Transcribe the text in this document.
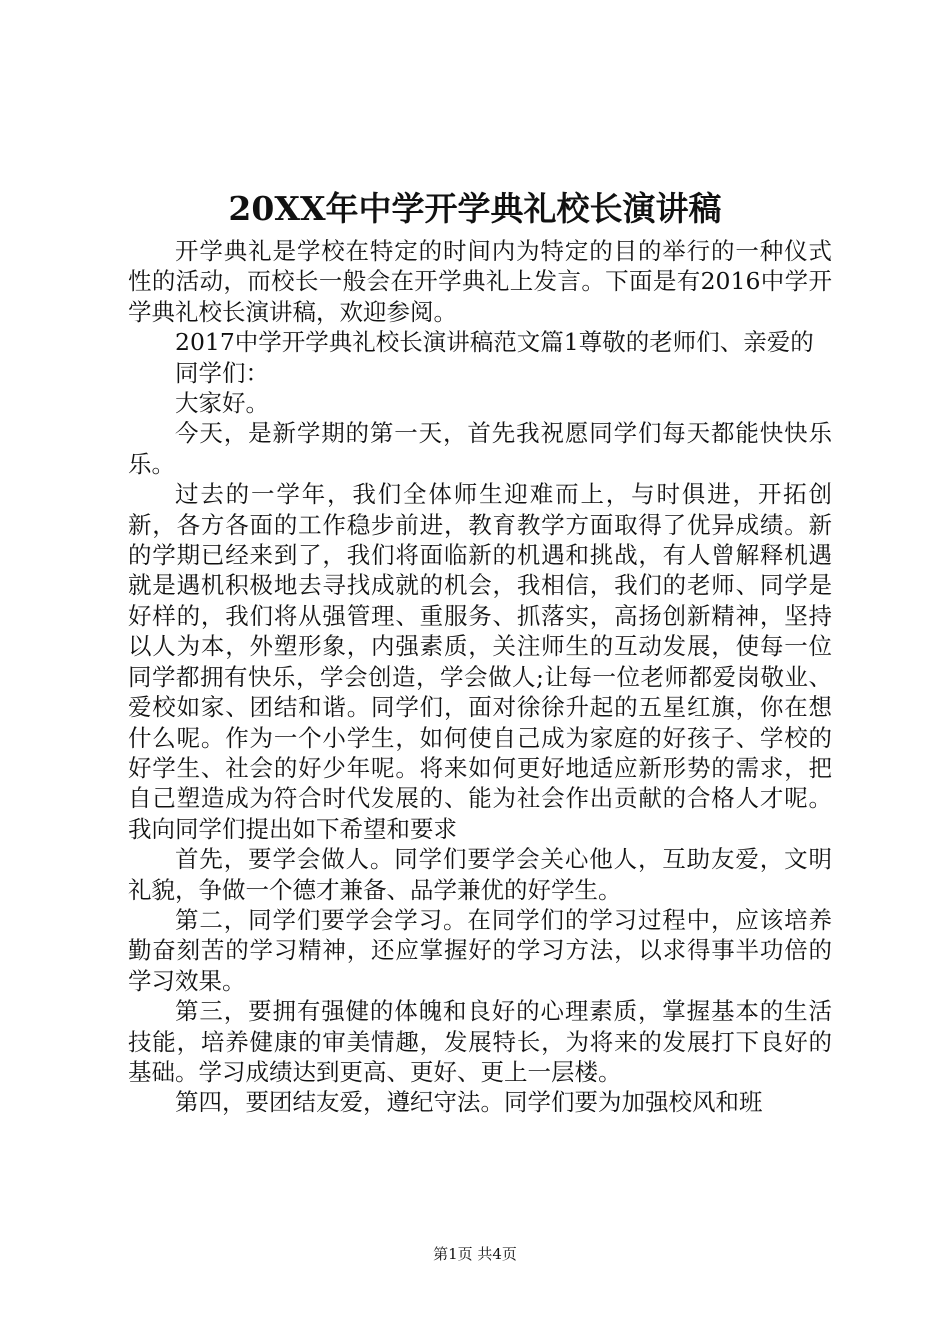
20XX年中学开学典礼校长演讲稿

开学典礼是学校在特定的时间内为特定的目的举行的一种仪式性的活动，而校长一般会在开学典礼上发言。下面是有2016中学开学典礼校长演讲稿，欢迎参阅。

2017中学开学典礼校长演讲稿范文篇1尊敬的老师们、亲爱的

同学们：

大家好。

今天，是新学期的第一天，首先我祝愿同学们每天都能快快乐乐。

过去的一学年，我们全体师生迎难而上，与时俱进，开拓创新，各方各面的工作稳步前进，教育教学方面取得了优异成绩。新的学期已经来到了，我们将面临新的机遇和挑战，有人曾解释机遇就是遇机积极地去寻找成就的机会，我相信，我们的老师、同学是好样的，我们将从强管理、重服务、抓落实，高扬创新精神，坚持以人为本，外塑形象，内强素质，关注师生的互动发展，使每一位同学都拥有快乐，学会创造，学会做人;让每一位老师都爱岗敬业、爱校如家、团结和谐。同学们，面对徐徐升起的五星红旗，你在想什么呢。作为一个小学生，如何使自己成为家庭的好孩子、学校的好学生、社会的好少年呢。将来如何更好地适应新形势的需求，把自己塑造成为符合时代发展的、能为社会作出贡献的合格人才呢。我向同学们提出如下希望和要求

首先，要学会做人。同学们要学会关心他人，互助友爱，文明礼貌，争做一个德才兼备、品学兼优的好学生。

第二，同学们要学会学习。在同学们的学习过程中，应该培养勤奋刻苦的学习精神，还应掌握好的学习方法，以求得事半功倍的学习效果。

第三，要拥有强健的体魄和良好的心理素质，掌握基本的生活技能，培养健康的审美情趣，发展特长，为将来的发展打下良好的基础。学习成绩达到更高、更好、更上一层楼。

第四，要团结友爱，遵纪守法。同学们要为加强校风和班

第1页 共4页
